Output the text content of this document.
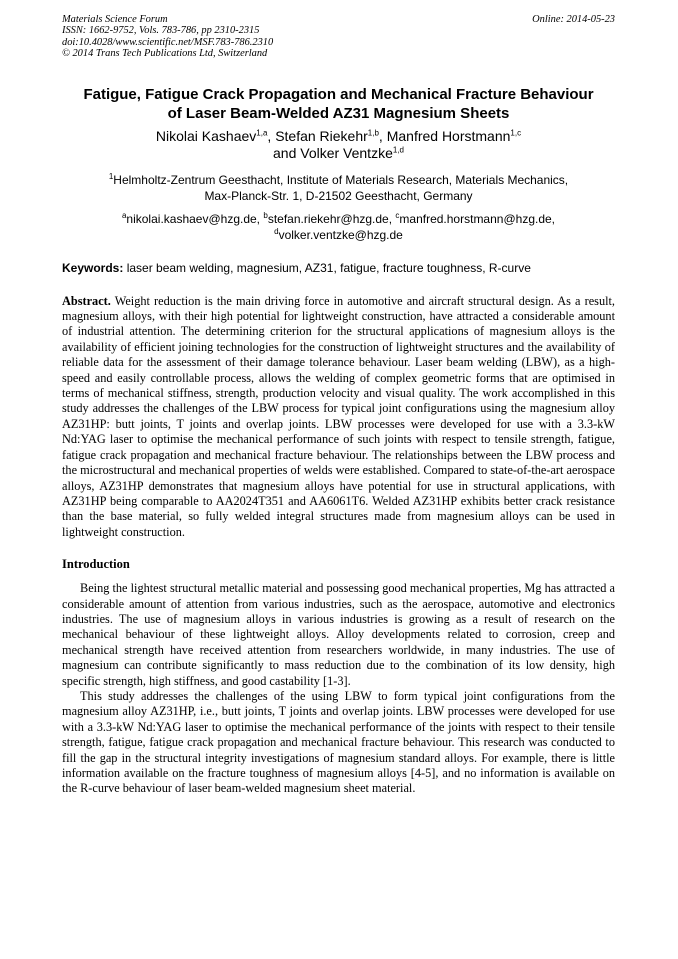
Materials Science Forum
ISSN: 1662-9752, Vols. 783-786, pp 2310-2315
doi:10.4028/www.scientific.net/MSF.783-786.2310
© 2014 Trans Tech Publications Ltd, Switzerland
Online: 2014-05-23
Fatigue, Fatigue Crack Propagation and Mechanical Fracture Behaviour
of Laser Beam-Welded AZ31 Magnesium Sheets
Nikolai Kashaev$^{1,a}$, Stefan Riekehr$^{1,b}$, Manfred Horstmann$^{1,c}$
and Volker Ventzke$^{1,d}$
$^1$Helmholtz-Zentrum Geesthacht, Institute of Materials Research, Materials Mechanics,
Max-Planck-Str. 1, D-21502 Geesthacht, Germany
$^a$nikolai.kashaev@hzg.de, $^b$stefan.riekehr@hzg.de, $^c$manfred.horstmann@hzg.de,
$^d$volker.ventzke@hzg.de
Keywords: laser beam welding, magnesium, AZ31, fatigue, fracture toughness, R-curve
Abstract. Weight reduction is the main driving force in automotive and aircraft structural design. As a result, magnesium alloys, with their high potential for lightweight construction, have attracted a considerable amount of industrial attention. The determining criterion for the structural applications of magnesium alloys is the availability of efficient joining technologies for the construction of lightweight structures and the availability of reliable data for the assessment of their damage tolerance behaviour. Laser beam welding (LBW), as a high-speed and easily controllable process, allows the welding of complex geometric forms that are optimised in terms of mechanical stiffness, strength, production velocity and visual quality. The work accomplished in this study addresses the challenges of the LBW process for typical joint configurations using the magnesium alloy AZ31HP: butt joints, T joints and overlap joints. LBW processes were developed for use with a 3.3-kW Nd:YAG laser to optimise the mechanical performance of such joints with respect to tensile strength, fatigue, fatigue crack propagation and mechanical fracture behaviour. The relationships between the LBW process and the microstructural and mechanical properties of welds were established. Compared to state-of-the-art aerospace alloys, AZ31HP demonstrates that magnesium alloys have potential for use in structural applications, with AZ31HP being comparable to AA2024T351 and AA6061T6. Welded AZ31HP exhibits better crack resistance than the base material, so fully welded integral structures made from magnesium alloys can be used in lightweight construction.
Introduction

Being the lightest structural metallic material and possessing good mechanical properties, Mg has attracted a considerable amount of attention from various industries, such as the aerospace, automotive and electronics industries. The use of magnesium alloys in various industries is growing as a result of research on the mechanical behaviour of these lightweight alloys. Alloy developments related to corrosion, creep and mechanical strength have received attention from researchers worldwide, in many industries. The use of magnesium can contribute significantly to mass reduction due to the combination of its low density, high specific strength, high stiffness, and good castability [1-3].

This study addresses the challenges of the using LBW to form typical joint configurations from the magnesium alloy AZ31HP, i.e., butt joints, T joints and overlap joints. LBW processes were developed for use with a 3.3-kW Nd:YAG laser to optimise the mechanical performance of the joints with respect to their tensile strength, fatigue, fatigue crack propagation and mechanical fracture behaviour. This research was conducted to fill the gap in the structural integrity investigations of magnesium standard alloys. For example, there is little information available on the fracture toughness of magnesium alloys [4-5], and no information is available on the R-curve behaviour of laser beam-welded magnesium sheet material.
